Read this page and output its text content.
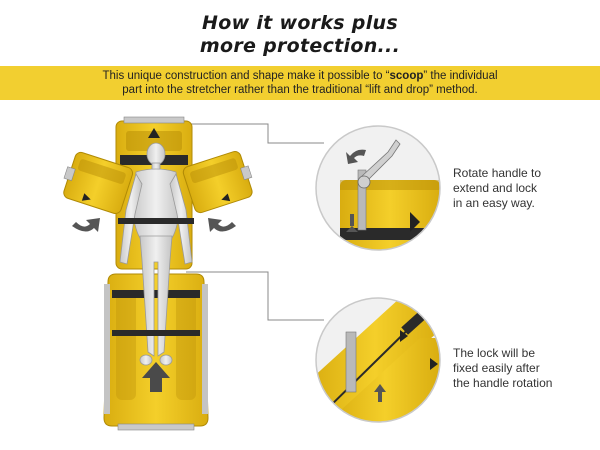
How it works plus
more protection...
This unique construction and shape make it possible to “scoop” the individual
part into the stretcher rather than the traditional “lift and drop” method.
Rotate handle to
extend and lock
in an easy way.
The lock will be
fixed easily after
the handle rotation
